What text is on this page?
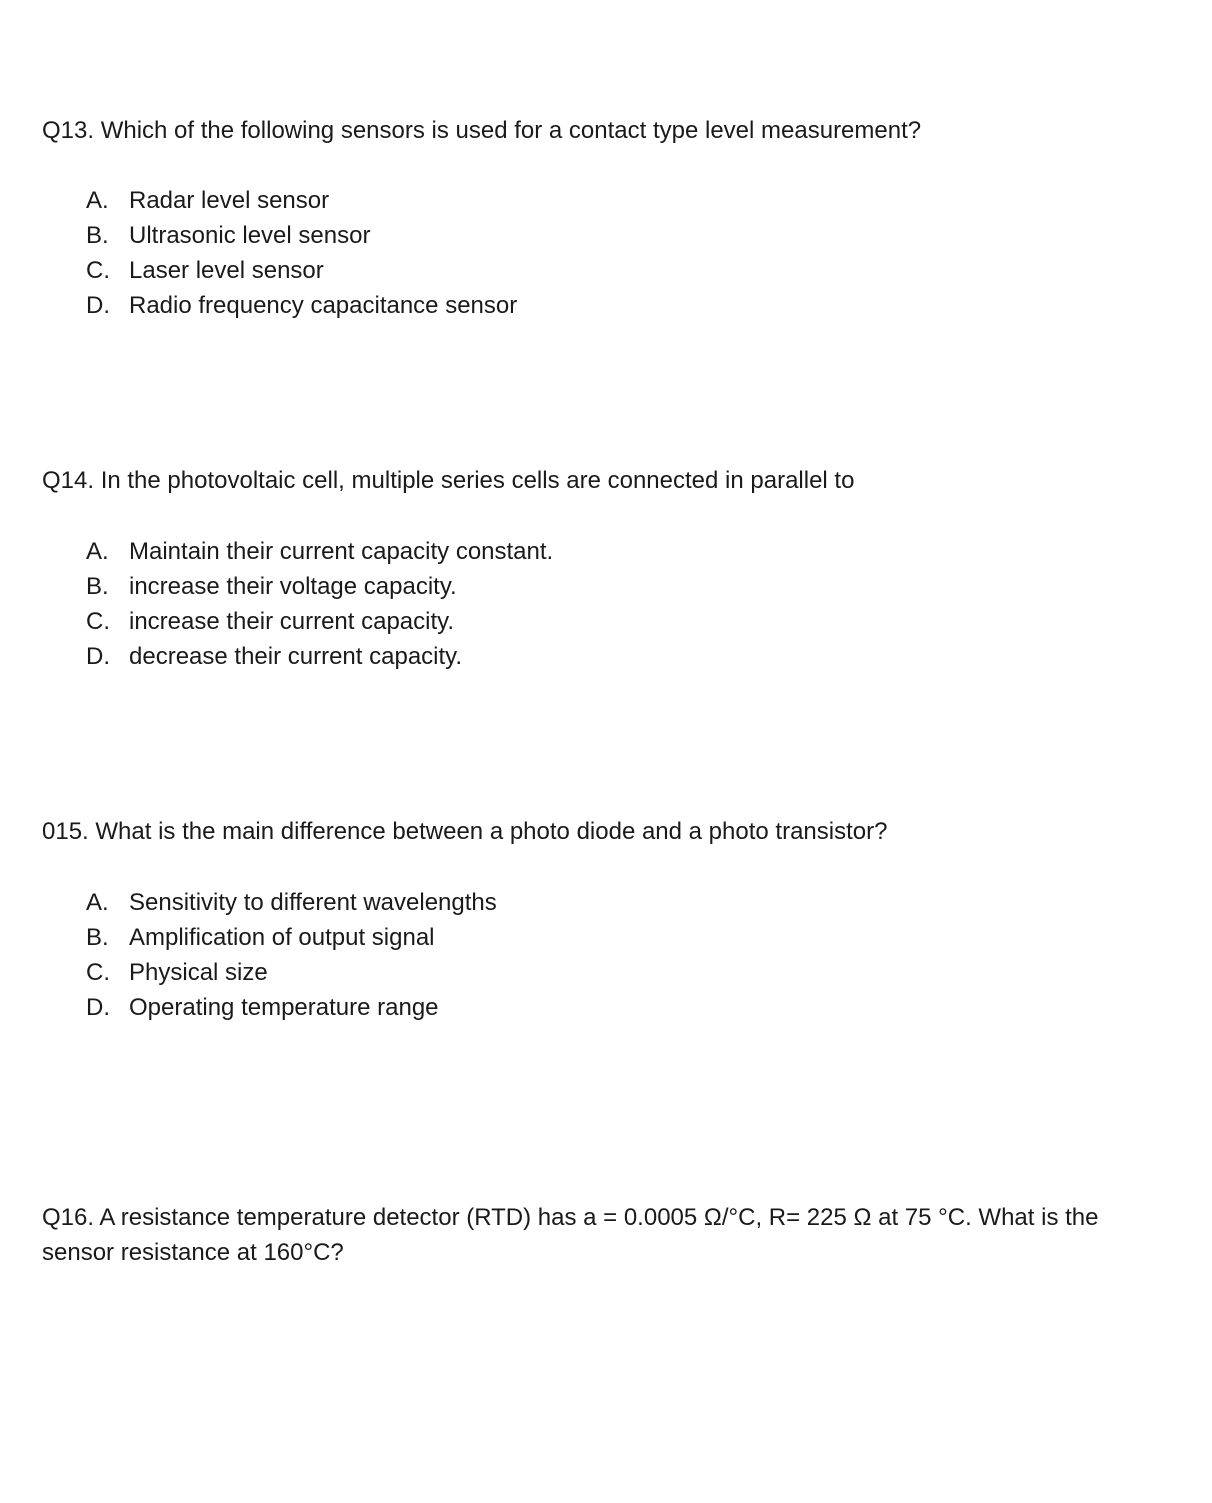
Q13. Which of the following sensors is used for a contact type level measurement?

A. Radar level sensor
B. Ultrasonic level sensor
C. Laser level sensor
D. Radio frequency capacitance sensor

Q14. In the photovoltaic cell, multiple series cells are connected in parallel to

A. Maintain their current capacity constant.
B. increase their voltage capacity.
C. increase their current capacity.
D. decrease their current capacity.

015. What is the main difference between a photo diode and a photo transistor?

A. Sensitivity to different wavelengths
B. Amplification of output signal
C. Physical size
D. Operating temperature range

Q16. A resistance temperature detector (RTD) has a = 0.0005 Ω/°C, R= 225 Ω at 75 °C. What is the sensor resistance at 160°C?
